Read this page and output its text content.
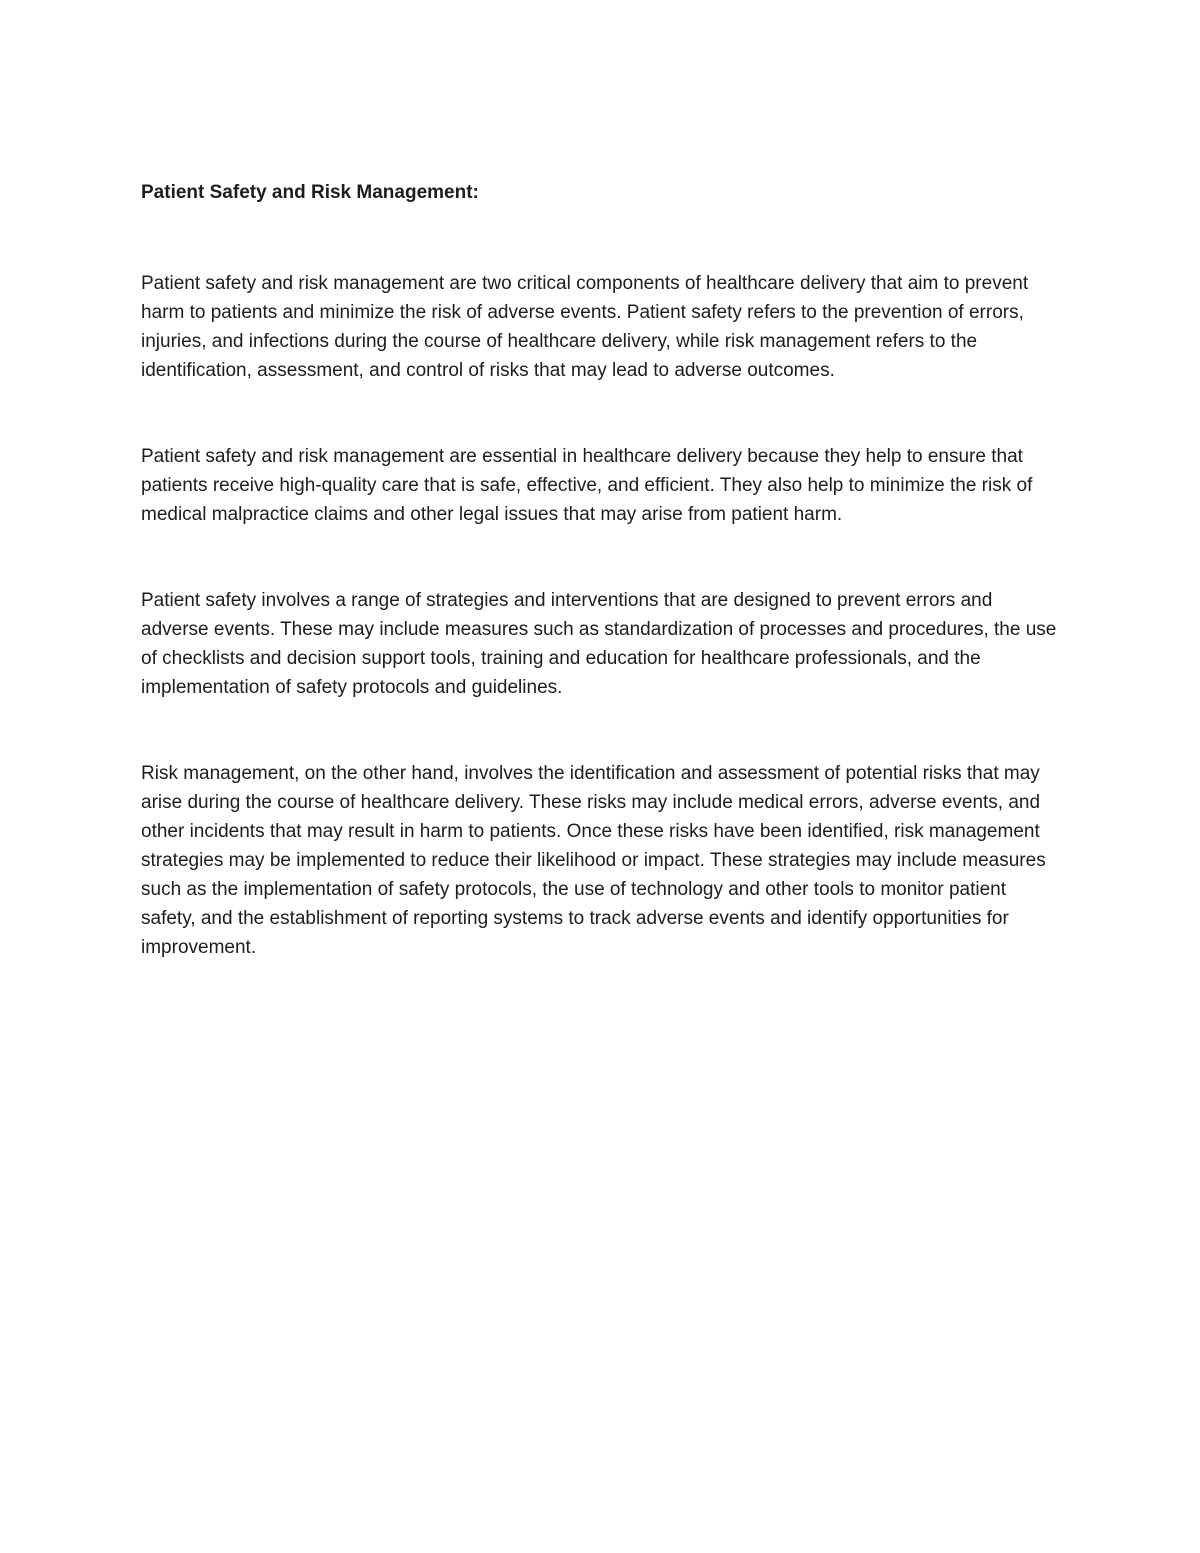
Patient Safety and Risk Management:

Patient safety and risk management are two critical components of healthcare delivery that aim to prevent harm to patients and minimize the risk of adverse events. Patient safety refers to the prevention of errors, injuries, and infections during the course of healthcare delivery, while risk management refers to the identification, assessment, and control of risks that may lead to adverse outcomes.

Patient safety and risk management are essential in healthcare delivery because they help to ensure that patients receive high-quality care that is safe, effective, and efficient. They also help to minimize the risk of medical malpractice claims and other legal issues that may arise from patient harm.

Patient safety involves a range of strategies and interventions that are designed to prevent errors and adverse events. These may include measures such as standardization of processes and procedures, the use of checklists and decision support tools, training and education for healthcare professionals, and the implementation of safety protocols and guidelines.

Risk management, on the other hand, involves the identification and assessment of potential risks that may arise during the course of healthcare delivery. These risks may include medical errors, adverse events, and other incidents that may result in harm to patients. Once these risks have been identified, risk management strategies may be implemented to reduce their likelihood or impact. These strategies may include measures such as the implementation of safety protocols, the use of technology and other tools to monitor patient safety, and the establishment of reporting systems to track adverse events and identify opportunities for improvement.
